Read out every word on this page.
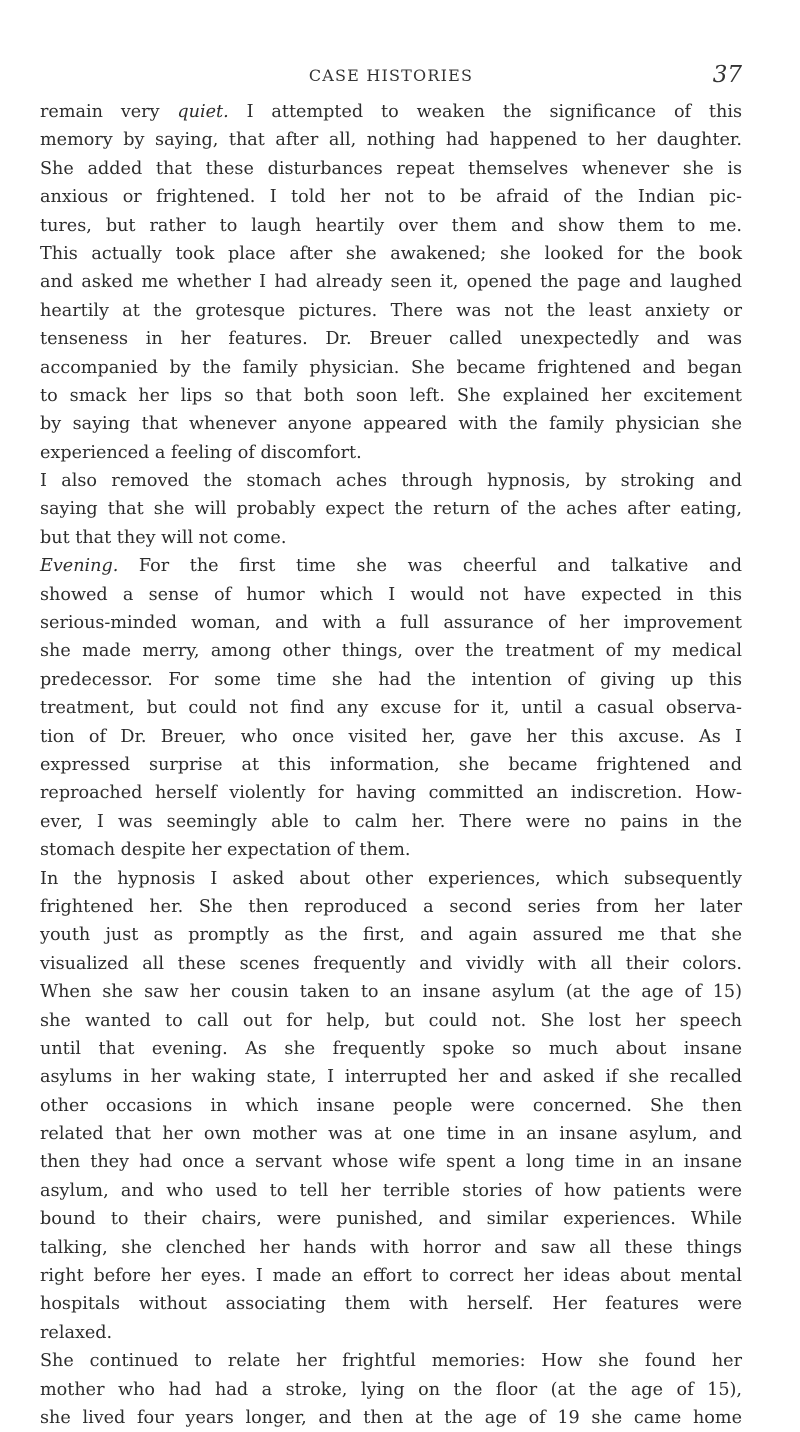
CASE HISTORIES	37
remain very quiet. I attempted to weaken the significance of this
memory by saying, that after all, nothing had happened to her daughter.
She added that these disturbances repeat themselves whenever she is
anxious or frightened. I told her not to be afraid of the Indian pic-
tures, but rather to laugh heartily over them and show them to me.
This actually took place after she awakened; she looked for the book
and asked me whether I had already seen it, opened the page and laughed
heartily at the grotesque pictures. There was not the least anxiety or
tenseness in her features. Dr. Breuer called unexpectedly and was
accompanied by the family physician. She became frightened and began
to smack her lips so that both soon left. She explained her excitement
by saying that whenever anyone appeared with the family physician she
experienced a feeling of discomfort.
I also removed the stomach aches through hypnosis, by stroking and
saying that she will probably expect the return of the aches after eating,
but that they will not come.
Evening. For the first time she was cheerful and talkative and
showed a sense of humor which I would not have expected in this
serious-minded woman, and with a full assurance of her improvement
she made merry, among other things, over the treatment of my medical
predecessor. For some time she had the intention of giving up this
treatment, but could not find any excuse for it, until a casual observa-
tion of Dr. Breuer, who once visited her, gave her this axcuse. As I
expressed surprise at this information, she became frightened and
reproached herself violently for having committed an indiscretion. How-
ever, I was seemingly able to calm her. There were no pains in the
stomach despite her expectation of them.
In the hypnosis I asked about other experiences, which subsequently
frightened her. She then reproduced a second series from her later
youth just as promptly as the first, and again assured me that she
visualized all these scenes frequently and vividly with all their colors.
When she saw her cousin taken to an insane asylum (at the age of 15)
she wanted to call out for help, but could not. She lost her speech
until that evening. As she frequently spoke so much about insane
asylums in her waking state, I interrupted her and asked if she recalled
other occasions in which insane people were concerned. She then
related that her own mother was at one time in an insane asylum, and
then they had once a servant whose wife spent a long time in an insane
asylum, and who used to tell her terrible stories of how patients were
bound to their chairs, were punished, and similar experiences. While
talking, she clenched her hands with horror and saw all these things
right before her eyes. I made an effort to correct her ideas about mental
hospitals without associating them with herself. Her features were
relaxed.
She continued to relate her frightful memories: How she found her
mother who had had a stroke, lying on the floor (at the age of 15),
she lived four years longer, and then at the age of 19 she came home
